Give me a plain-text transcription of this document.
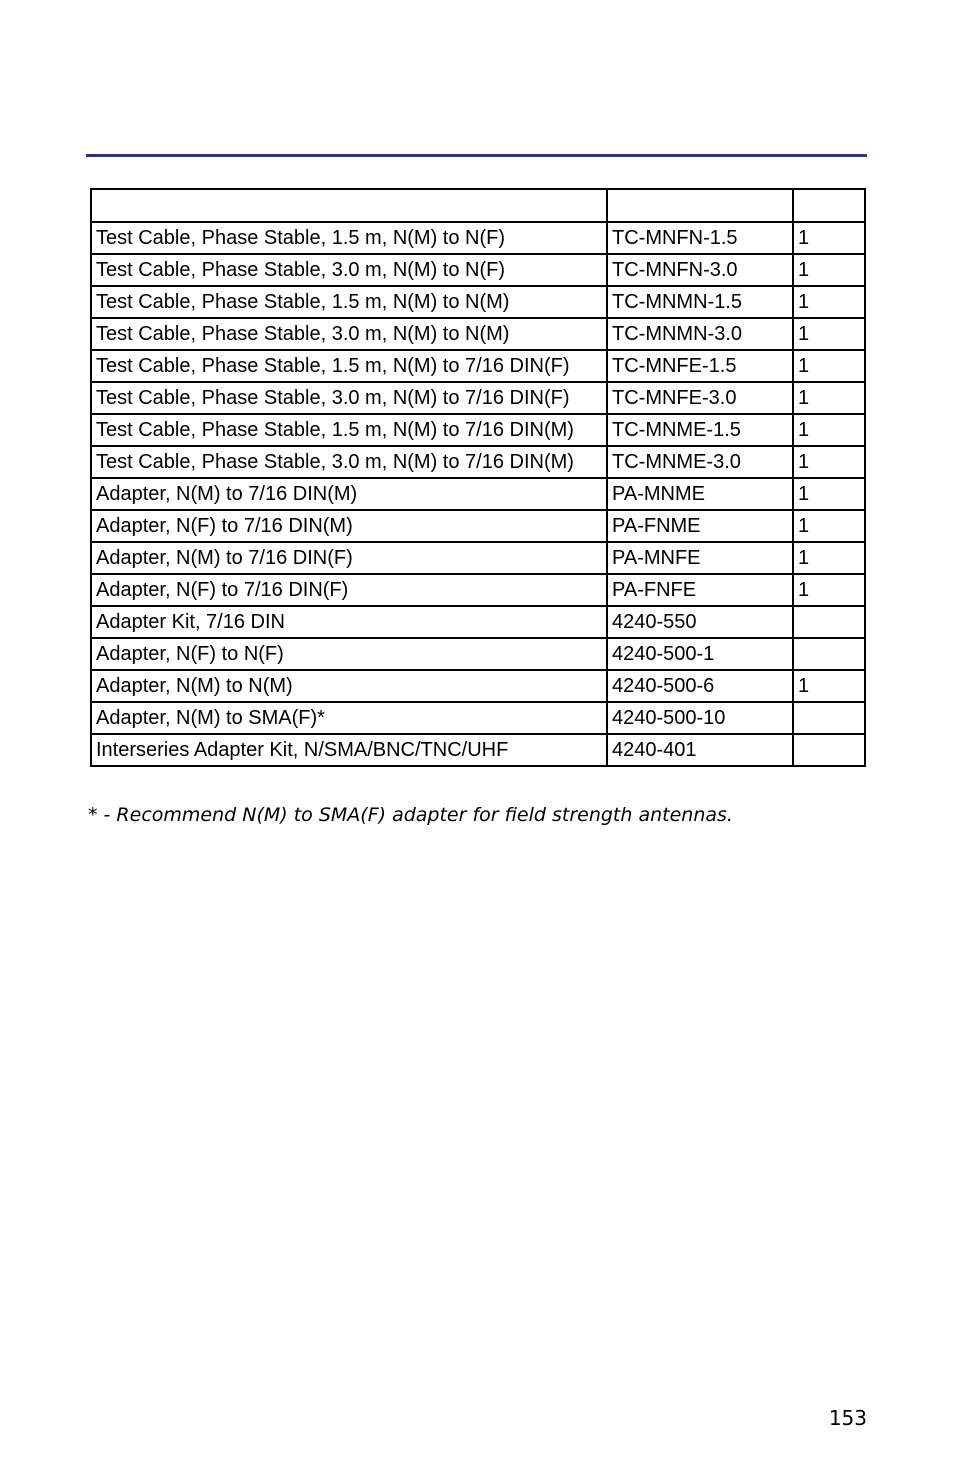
Test Cable, Phase Stable, 1.5 m, N(M) to N(F)	TC-MNFN-1.5	1
Test Cable, Phase Stable, 3.0 m, N(M) to N(F)	TC-MNFN-3.0	1
Test Cable, Phase Stable, 1.5 m, N(M) to N(M)	TC-MNMN-1.5	1
Test Cable, Phase Stable, 3.0 m, N(M) to N(M)	TC-MNMN-3.0	1
Test Cable, Phase Stable, 1.5 m, N(M) to 7/16 DIN(F)	TC-MNFE-1.5	1
Test Cable, Phase Stable, 3.0 m, N(M) to 7/16 DIN(F)	TC-MNFE-3.0	1
Test Cable, Phase Stable, 1.5 m, N(M) to 7/16 DIN(M)	TC-MNME-1.5	1
Test Cable, Phase Stable, 3.0 m, N(M) to 7/16 DIN(M)	TC-MNME-3.0	1
Adapter, N(M) to 7/16 DIN(M)	PA-MNME	1
Adapter, N(F) to 7/16 DIN(M)	PA-FNME	1
Adapter, N(M) to 7/16 DIN(F)	PA-MNFE	1
Adapter, N(F) to 7/16 DIN(F)	PA-FNFE	1
Adapter Kit, 7/16 DIN	4240-550	
Adapter, N(F) to N(F)	4240-500-1	
Adapter, N(M) to N(M)	4240-500-6	1
Adapter, N(M) to SMA(F)*	4240-500-10	
Interseries Adapter Kit, N/SMA/BNC/TNC/UHF	4240-401	
* - Recommend N(M) to SMA(F) adapter for field strength antennas.
153
